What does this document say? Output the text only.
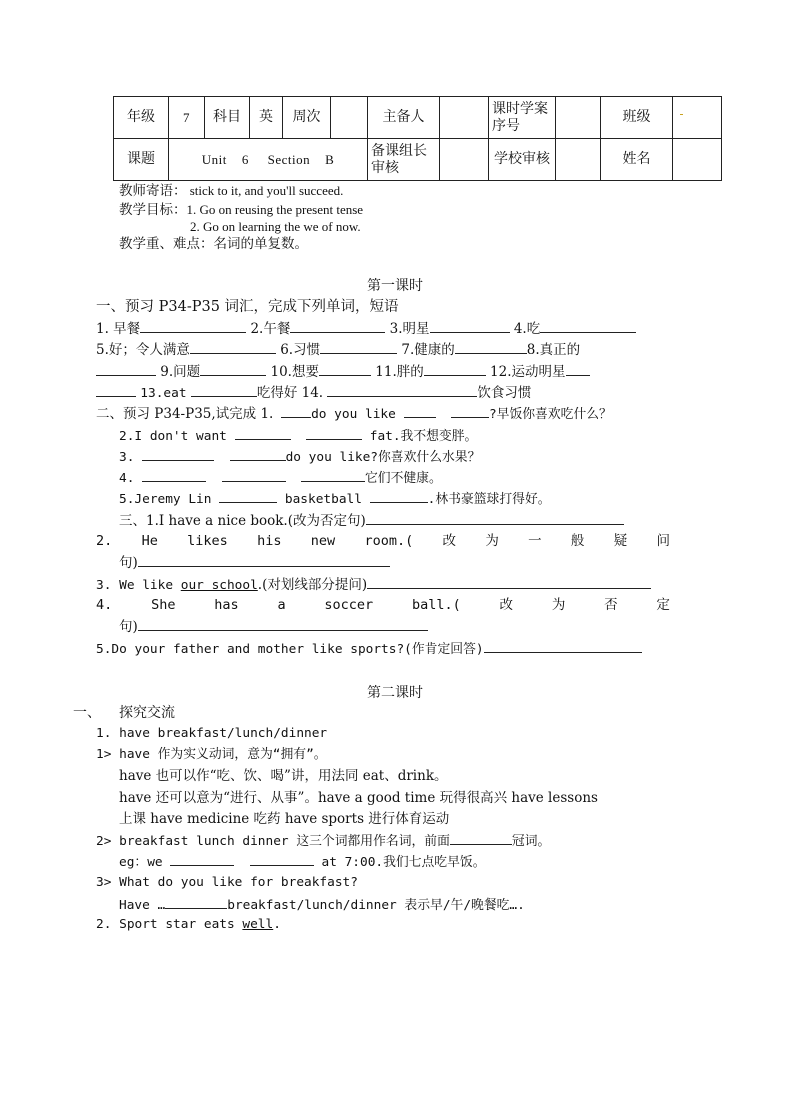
年级	7	科目	英	周次		主备人		课时学案序号		班级	

课题	Unit    6     Section    B					备课组长审核		学校审核		姓名	
教师寄语： stick to it, and you'll succeed.
教学目标：1. Go on reusing the present tense
2. Go on learning the we of now.
教学重、难点：名词的单复数。
第一课时
一、预习 P34-P35 词汇，完成下列单词，短语
1. 早餐	2.午餐	3.明星	4.吃
5.好；令人满意	6.习惯	7.健康的	8.真正的
9.问题	10.想要	11.胖的	12.运动明星
13.eat	吃得好 14.	饮食习惯
二、预习 P34-P35,试完成 1.	do you like	?早饭你喜欢吃什么？
2.I don't want	fat.我不想变胖。
3.	do you like?你喜欢什么水果？
4.	它们不健康。
5.Jeremy Lin	basketball	.林书豪篮球打得好。
三、1.I have a nice book.(改为否定句)
2. He likes his new room.( 改 为 一 般 疑 问
句)
3. We like our school.(对划线部分提问)
4.	She	has	a	soccer	ball.(	改	为	否	定
句)
5.Do your father and mother like sports?(作肯定回答)
第二课时
一、 探究交流
1. have breakfast/lunch/dinner
1> have 作为实义动词，意为“拥有”。
have 也可以作“吃、饮、喝”讲，用法同 eat、drink。
have 还可以意为“进行、从事”。have a good time 玩得很高兴 have lessons
上课 have medicine 吃药 have sports 进行体育运动
2> breakfast lunch dinner 这三个词都用作名词，前面	冠词。
eg：we	at 7:00.我们七点吃早饭。
3> What do you like for breakfast?
Have …	breakfast/lunch/dinner 表示早/午/晚餐吃….
2. Sport star eats well.
